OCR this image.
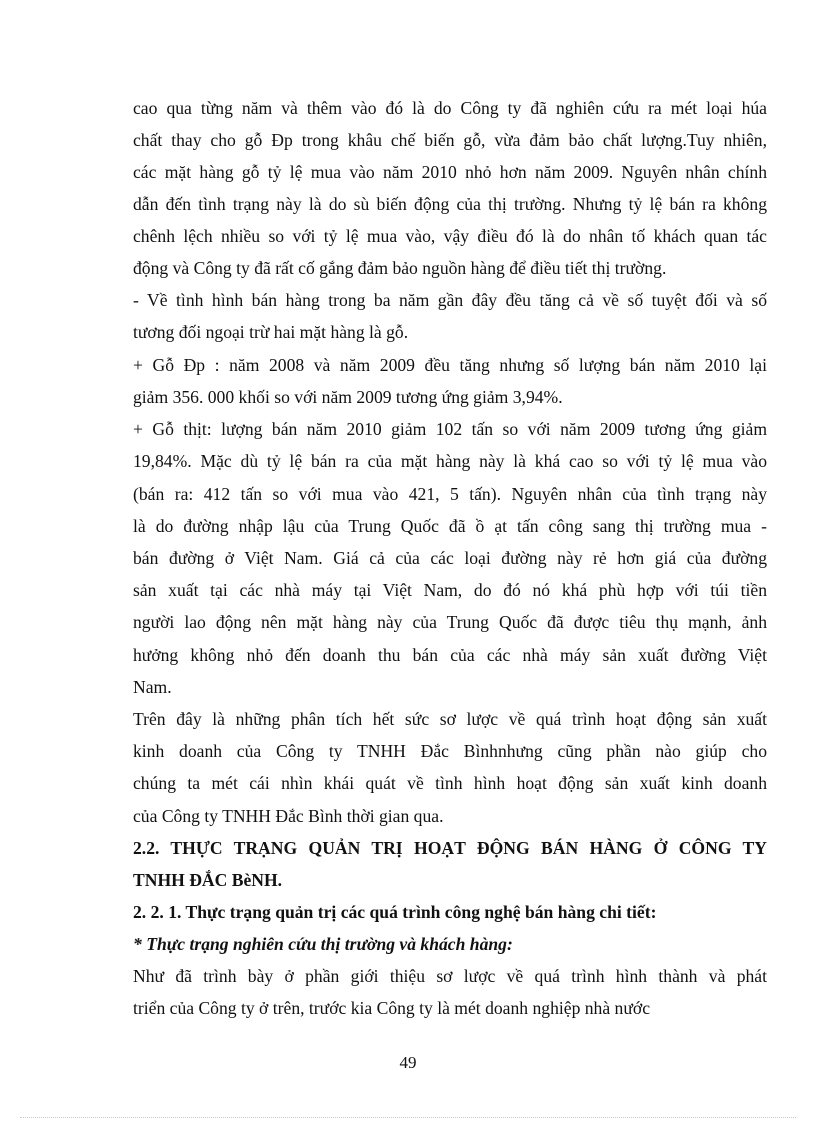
cao qua từng năm và thêm vào đó là do Công ty đã nghiên cứu ra mét loại húa
chất thay cho gỗ Đp trong khâu chế biến gỗ, vừa đảm bảo chất lượng.Tuy nhiên,
các mặt hàng gỗ tỷ lệ mua vào năm 2010 nhỏ hơn năm 2009. Nguyên nhân chính
dẫn đến tình trạng này là do sù biến động của thị trường. Nhưng tỷ lệ bán ra không
chênh lệch nhiều so với tỷ lệ mua vào, vậy điều đó là do nhân tố khách quan tác
động và Công ty đã rất cố gắng đảm bảo nguồn hàng để điều tiết thị trường.
- Về tình hình bán hàng trong ba năm gần đây đều tăng cả về số tuyệt đối và số
tương đối ngoại trừ hai mặt hàng là gỗ.
+ Gỗ Đp : năm 2008 và năm 2009 đều tăng nhưng số lượng bán năm 2010 lại
giảm 356. 000 khối so với năm 2009 tương ứng giảm 3,94%.
+ Gỗ thịt: lượng bán năm 2010 giảm 102 tấn so với năm 2009 tương ứng giảm
19,84%. Mặc dù tỷ lệ bán ra của mặt hàng này là khá cao so với tỷ lệ mua vào
(bán ra: 412 tấn so với mua vào 421, 5 tấn). Nguyên nhân của tình trạng này
là do đường nhập lậu của Trung Quốc đã ồ ạt tấn công sang thị trường mua -
bán đường ở Việt Nam. Giá cả của các loại đường này rẻ hơn giá của đường
sản xuất tại các nhà máy tại Việt Nam, do đó nó khá phù hợp với túi tiền
người lao động nên mặt hàng này của Trung Quốc đã được tiêu thụ mạnh, ảnh
hưởng không nhỏ đến doanh thu bán của các nhà máy sản xuất đường Việt
Nam.
Trên đây là những phân tích hết sức sơ lược về quá trình hoạt động sản xuất
kinh doanh của Công ty TNHH Đắc Bìnhnhưng cũng phần nào giúp cho
chúng ta mét cái nhìn khái quát về tình hình hoạt động sản xuất kinh doanh
của Công ty TNHH Đắc Bình thời gian qua.
2.2. THỰC TRẠNG QUẢN TRỊ HOẠT ĐỘNG BÁN HÀNG Ở CÔNG TY
TNHH ĐẮC BèNH.
2. 2. 1. Thực trạng quản trị các quá trình công nghệ bán hàng chi tiết:
* Thực trạng nghiên cứu thị trường và khách hàng:
Như đã trình bày ở phần giới thiệu sơ lược về quá trình hình thành và phát
triển của Công ty ở trên, trước kia Công ty là mét doanh nghiệp nhà nước
49
